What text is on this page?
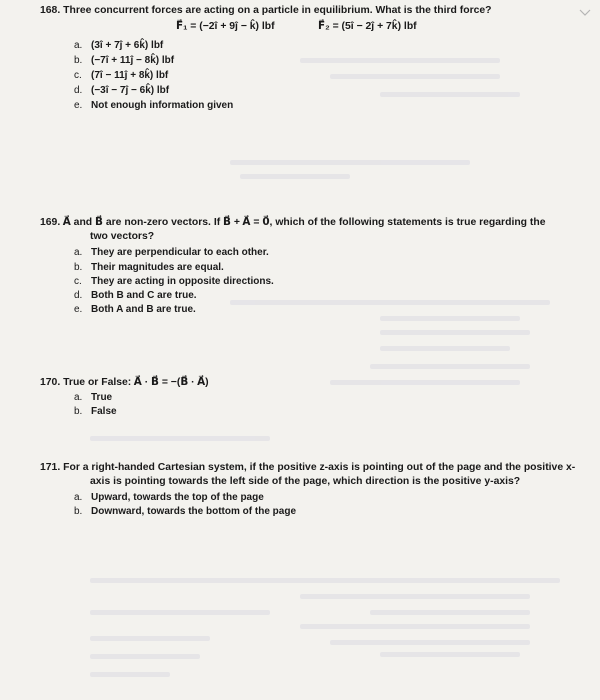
168. Three concurrent forces are acting on a particle in equilibrium. What is the third force?
F⃗₁ = (−2î + 9ĵ − k̂) lbf	F⃗₂ = (5î − 2ĵ + 7k̂) lbf
a. (3î + 7ĵ + 6k̂) lbf
b. (−7î + 11ĵ − 8k̂) lbf
c. (7î − 11ĵ + 8k̂) lbf
d. (−3î − 7ĵ − 6k̂) lbf
e. Not enough information given
169. A⃗ and B⃗ are non-zero vectors. If B⃗ + A⃗ = 0⃗, which of the following statements is true regarding the
two vectors?
a. They are perpendicular to each other.
b. Their magnitudes are equal.
c. They are acting in opposite directions.
d. Both B and C are true.
e. Both A and B are true.
170. True or False: A⃗ · B⃗ = −(B⃗ · A⃗)
a. True
b. False
171. For a right-handed Cartesian system, if the positive z-axis is pointing out of the page and the positive x-
axis is pointing towards the left side of the page, which direction is the positive y-axis?
a. Upward, towards the top of the page
b. Downward, towards the bottom of the page
